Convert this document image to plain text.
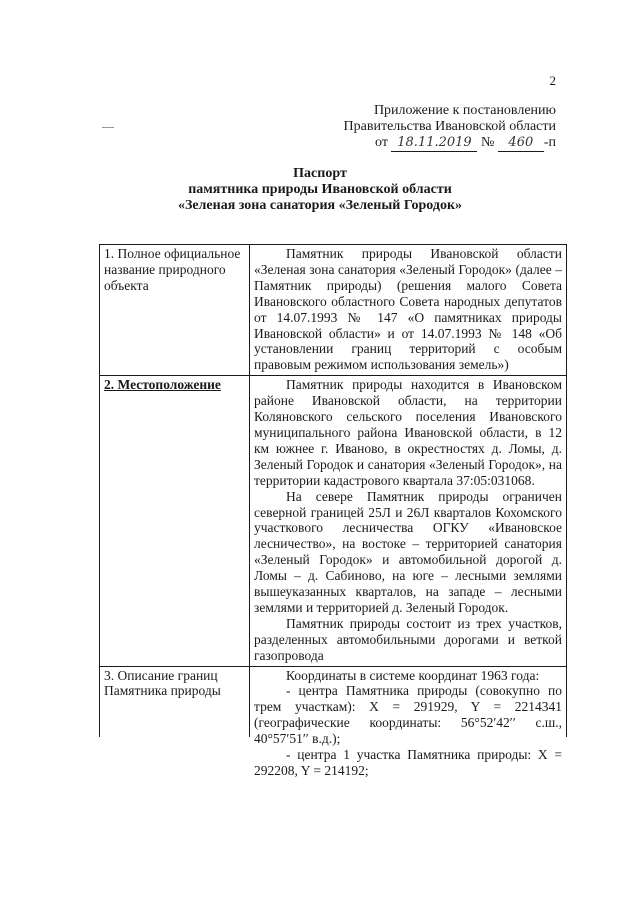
2
Приложение к постановлению
Правительства Ивановской области
от 18.11.2019 № 460 -п
Паспорт
памятника природы Ивановской области
«Зеленая зона санатория «Зеленый Городок»
1. Полное официальное название природного объекта	Памятник природы Ивановской области «Зеленая зона санатория «Зеленый Городок» (далее – Памятник природы) (решения малого Совета Ивановского областного Совета народных депутатов от 14.07.1993 № 147 «О памятниках природы Ивановской области» и от 14.07.1993 № 148 «Об установлении границ территорий с особым правовым режимом использования земель»)

2. Местоположение	Памятник природы находится в Ивановском районе Ивановской области, на территории Коляновского сельского поселения Ивановского муниципального района Ивановской области, в 12 км южнее г. Иваново, в окрестностях д. Ломы, д. Зеленый Городок и санатория «Зеленый Городок», на территории кадастрового квартала 37:05:031068.
На севере Памятник природы ограничен северной границей 25Л и 26Л кварталов Кохомского участкового лесничества ОГКУ «Ивановское лесничество», на востоке – территорией санатория «Зеленый Городок» и автомобильной дорогой д. Ломы – д. Сабиново, на юге – лесными землями вышеуказанных кварталов, на западе – лесными землями и территорией д. Зеленый Городок.
Памятник природы состоит из трех участков, разделенных автомобильными дорогами и веткой газопровода

3. Описание границ Памятника природы	Координаты в системе координат 1963 года:
- центра Памятника природы (совокупно по трем участкам): X = 291929, Y = 2214341 (географические координаты: 56°52′42′′ с.ш., 40°57′51′′ в.д.);
- центра 1 участка Памятника природы: X = 292208, Y = 214192;
